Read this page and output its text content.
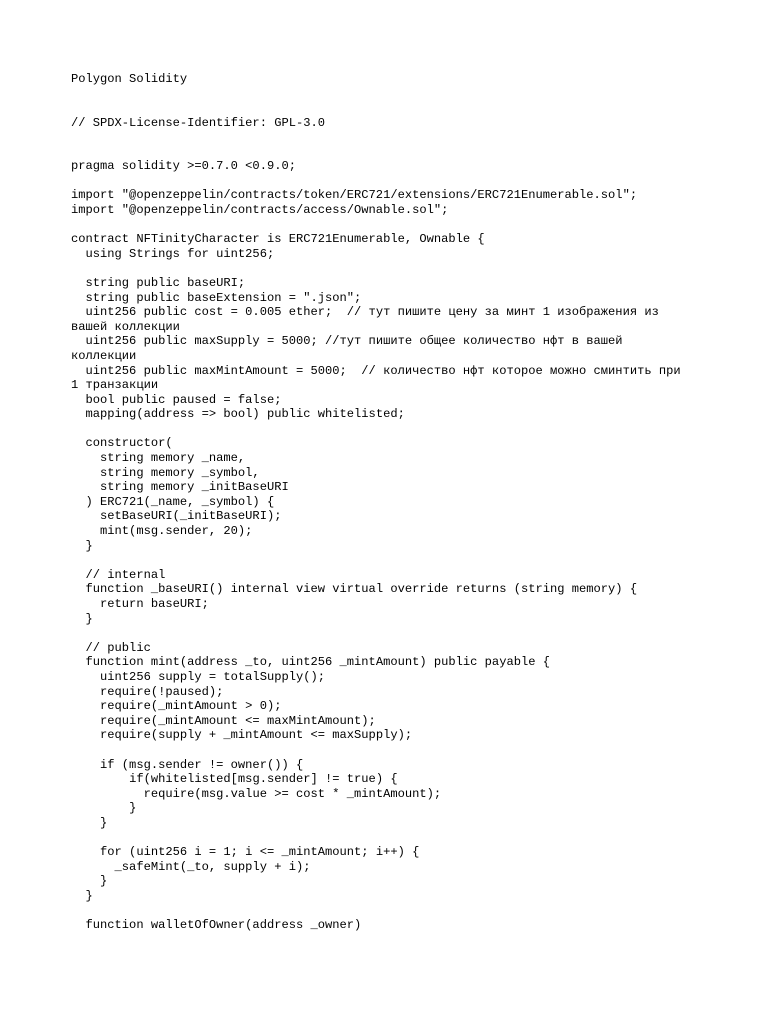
Polygon Solidity
// SPDX-License-Identifier: GPL-3.0
pragma solidity >=0.7.0 <0.9.0;

import "@openzeppelin/contracts/token/ERC721/extensions/ERC721Enumerable.sol";
import "@openzeppelin/contracts/access/Ownable.sol";

contract NFTinityCharacter is ERC721Enumerable, Ownable {
using Strings for uint256;

string public baseURI;
string public baseExtension = ".json";
uint256 public cost = 0.005 ether;  // тут пишите цену за минт 1 изображения из вашей коллекции
uint256 public maxSupply = 5000; //тут пишите общее количество нфт в вашей коллекции
uint256 public maxMintAmount = 5000;  // количество нфт которое можно сминтить при 1 транзакции
bool public paused = false;
mapping(address => bool) public whitelisted;

constructor(
string memory _name,
string memory _symbol,
string memory _initBaseURI
) ERC721(_name, _symbol) {
setBaseURI(_initBaseURI);
mint(msg.sender, 20);
}

// internal
function _baseURI() internal view virtual override returns (string memory) {
return baseURI;
}

// public
function mint(address _to, uint256 _mintAmount) public payable {
uint256 supply = totalSupply();
require(!paused);
require(_mintAmount > 0);
require(_mintAmount <= maxMintAmount);
require(supply + _mintAmount <= maxSupply);

if (msg.sender != owner()) {
if(whitelisted[msg.sender] != true) {
require(msg.value >= cost * _mintAmount);
}
}

for (uint256 i = 1; i <= _mintAmount; i++) {
_safeMint(_to, supply + i);
}
}

function walletOfOwner(address _owner)
